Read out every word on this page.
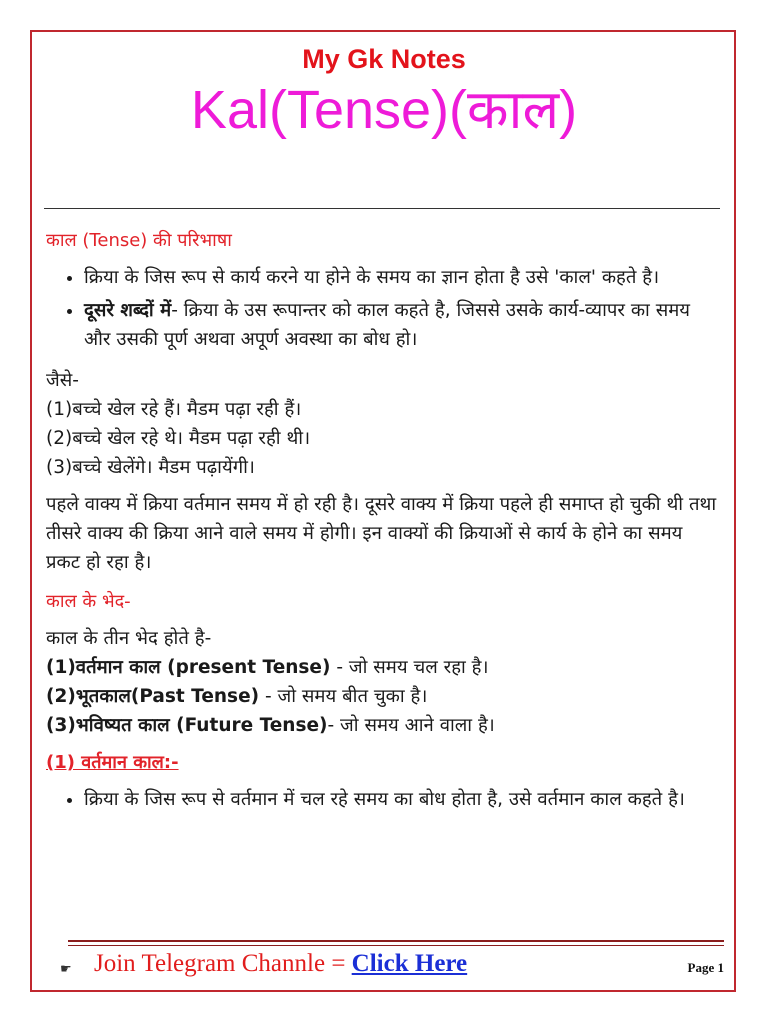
My Gk Notes

Kal(Tense)(काल)

काल (Tense) की परिभाषा

• क्रिया के जिस रूप से कार्य करने या होने के समय का ज्ञान होता है उसे 'काल' कहते है।
• दूसरे शब्दों में- क्रिया के उस रूपान्तर को काल कहते है, जिससे उसके कार्य-व्यापर का समय और उसकी पूर्ण अथवा अपूर्ण अवस्था का बोध हो।

जैसे-

(1)बच्चे खेल रहे हैं। मैडम पढ़ा रही हैं।

(2)बच्चे खेल रहे थे। मैडम पढ़ा रही थी।

(3)बच्चे खेलेंगे। मैडम पढ़ायेंगी।

पहले वाक्य में क्रिया वर्तमान समय में हो रही है। दूसरे वाक्य में क्रिया पहले ही समाप्त हो चुकी थी तथा तीसरे वाक्य की क्रिया आने वाले समय में होगी। इन वाक्यों की क्रियाओं से कार्य के होने का समय प्रकट हो रहा है।

काल के भेद-

काल के तीन भेद होते है-

(1)वर्तमान काल (present Tense) - जो समय चल रहा है।

(2)भूतकाल(Past Tense) - जो समय बीत चुका है।

(3)भविष्यत काल (Future Tense)- जो समय आने वाला है।

(1) वर्तमान काल:-

• क्रिया के जिस रूप से वर्तमान में चल रहे समय का बोध होता है, उसे वर्तमान काल कहते है।
☛ Join Telegram Channle = Click Here	Page 1
